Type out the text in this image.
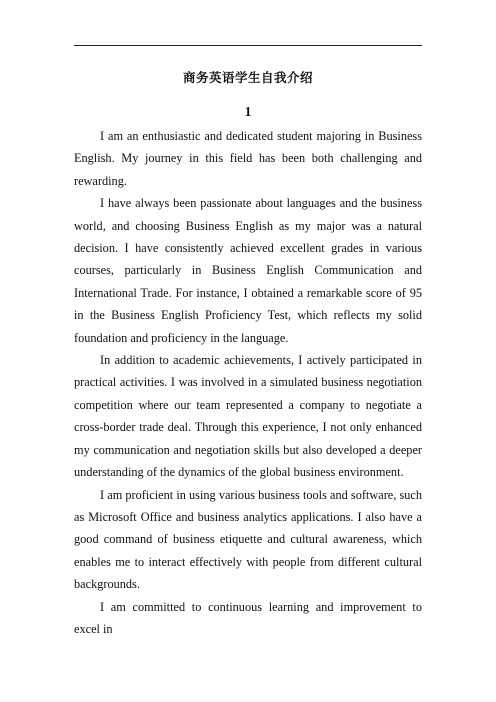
商务英语学生自我介绍
1

I am an enthusiastic and dedicated student majoring in Business English. My journey in this field has been both challenging and rewarding.

I have always been passionate about languages and the business world, and choosing Business English as my major was a natural decision. I have consistently achieved excellent grades in various courses, particularly in Business English Communication and International Trade. For instance, I obtained a remarkable score of 95 in the Business English Proficiency Test, which reflects my solid foundation and proficiency in the language.

In addition to academic achievements, I actively participated in practical activities. I was involved in a simulated business negotiation competition where our team represented a company to negotiate a cross-border trade deal. Through this experience, I not only enhanced my communication and negotiation skills but also developed a deeper understanding of the dynamics of the global business environment.

I am proficient in using various business tools and software, such as Microsoft Office and business analytics applications. I also have a good command of business etiquette and cultural awareness, which enables me to interact effectively with people from different cultural backgrounds.

I am committed to continuous learning and improvement to excel in
